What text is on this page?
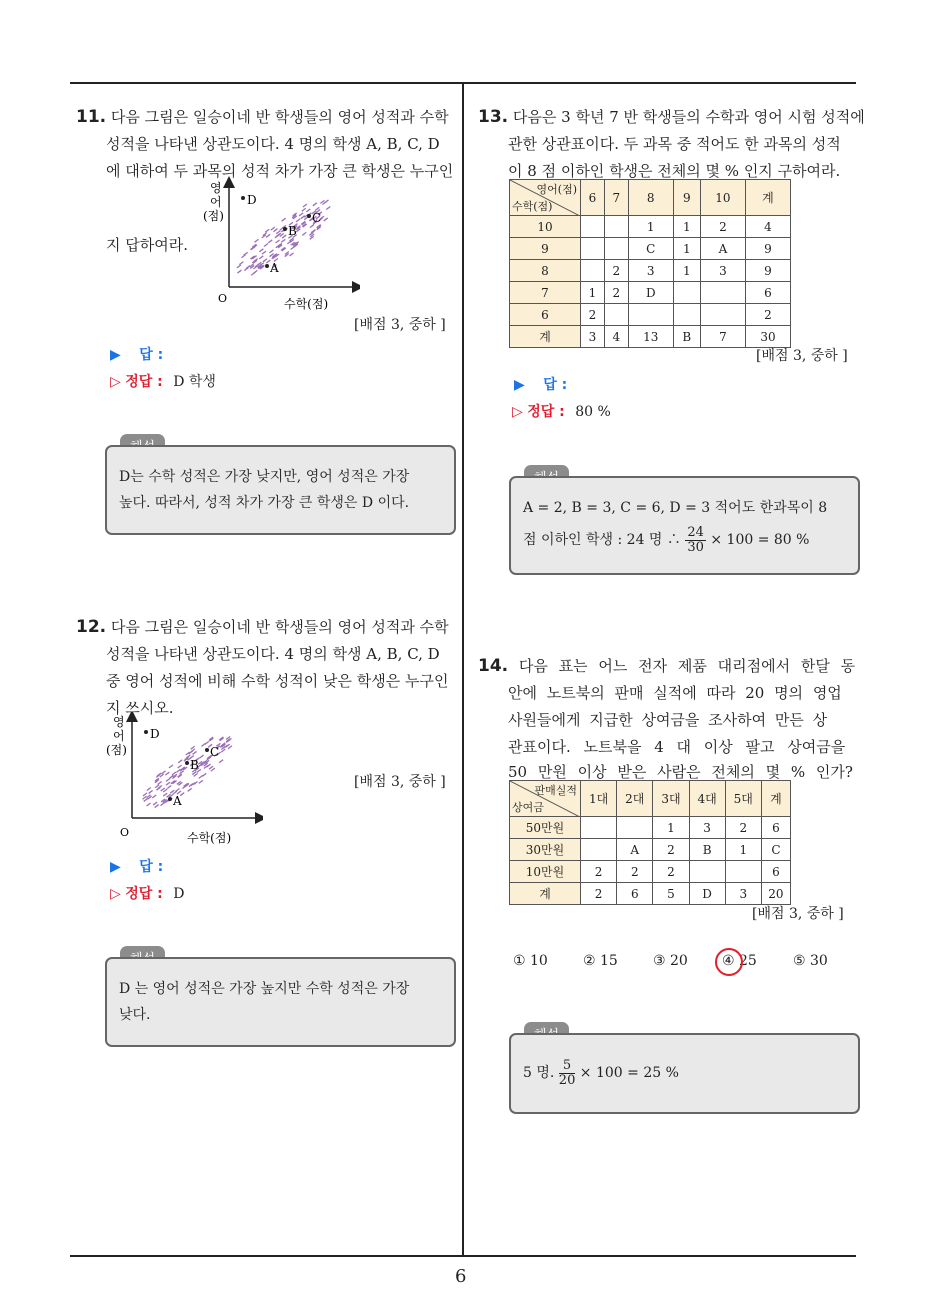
6
11. 다음 그림은 일승이네 반 학생들의 영어 성적과 수학
성적을 나타낸 상관도이다. 4 명의 학생 A, B, C, D
에 대하여 두 과목의 성적 차가 가장 큰 학생은 누구인
지 답하여라.
영
어
(점)
O	수학(점)
D
C
B
A
[배점 3, 중하 ]
▶ 답 :
▷ 정답 : D 학생
D는 수학 성적은 가장 낮지만, 영어 성적은 가장
높다. 따라서, 성적 차가 가장 큰 학생은 D 이다.
12. 다음 그림은 일승이네 반 학생들의 영어 성적과 수학
성적을 나타낸 상관도이다. 4 명의 학생 A, B, C, D
중 영어 성적에 비해 수학 성적이 낮은 학생은 누구인
지 쓰시오.
영
어
(점)
O	수학(점)
D
C
B
A
[배점 3, 중하 ]
▶ 답 :
▷ 정답 : D
D 는 영어 성적은 가장 높지만 수학 성적은 가장
낮다.
13. 다음은 3 학년 7 반 학생들의 수학과 영어 시험 성적에
관한 상관표이다. 두 과목 중 적어도 한 과목의 성적
이 8 점 이하인 학생은 전체의 몇 % 인지 구하여라.
영어(점)
수학(점)	6	7	8	9	10	계
10			1	1	2	4
9			C	1	A	9
8		2	3	1	3	9
7	1	2	D			6
6	2					2
계	3	4	13	B	7	30
[배점 3, 중하 ]
▶ 답 :
▷ 정답 : 80 %
A = 2, B = 3, C = 6, D = 3 적어도 한과목이 8
점 이하인 학생 : 24 명 ∴ $\frac{24}{30} \times 100 = 80$ %
14. 다음 표는 어느 전자 제품 대리점에서 한달 동
안에 노트북의 판매 실적에 따라 20 명의 영업
사원들에게 지급한 상여금을 조사하여 만든 상
관표이다. 노트북을 4 대 이상 팔고 상여금을
50 만원 이상 받은 사람은 전체의 몇 % 인가?
판매실적
상여금	1대	2대	3대	4대	5대	계
50만원			1	3	2	6
30만원		A	2	B	1	C
10만원	2	2	2			6
계	2	6	5	D	3	20
[배점 3, 중하 ]
① 10	② 15	③ 20 ④ 25	⑤ 30
5 명. $\frac{5}{20} \times 100 = 25$ %
